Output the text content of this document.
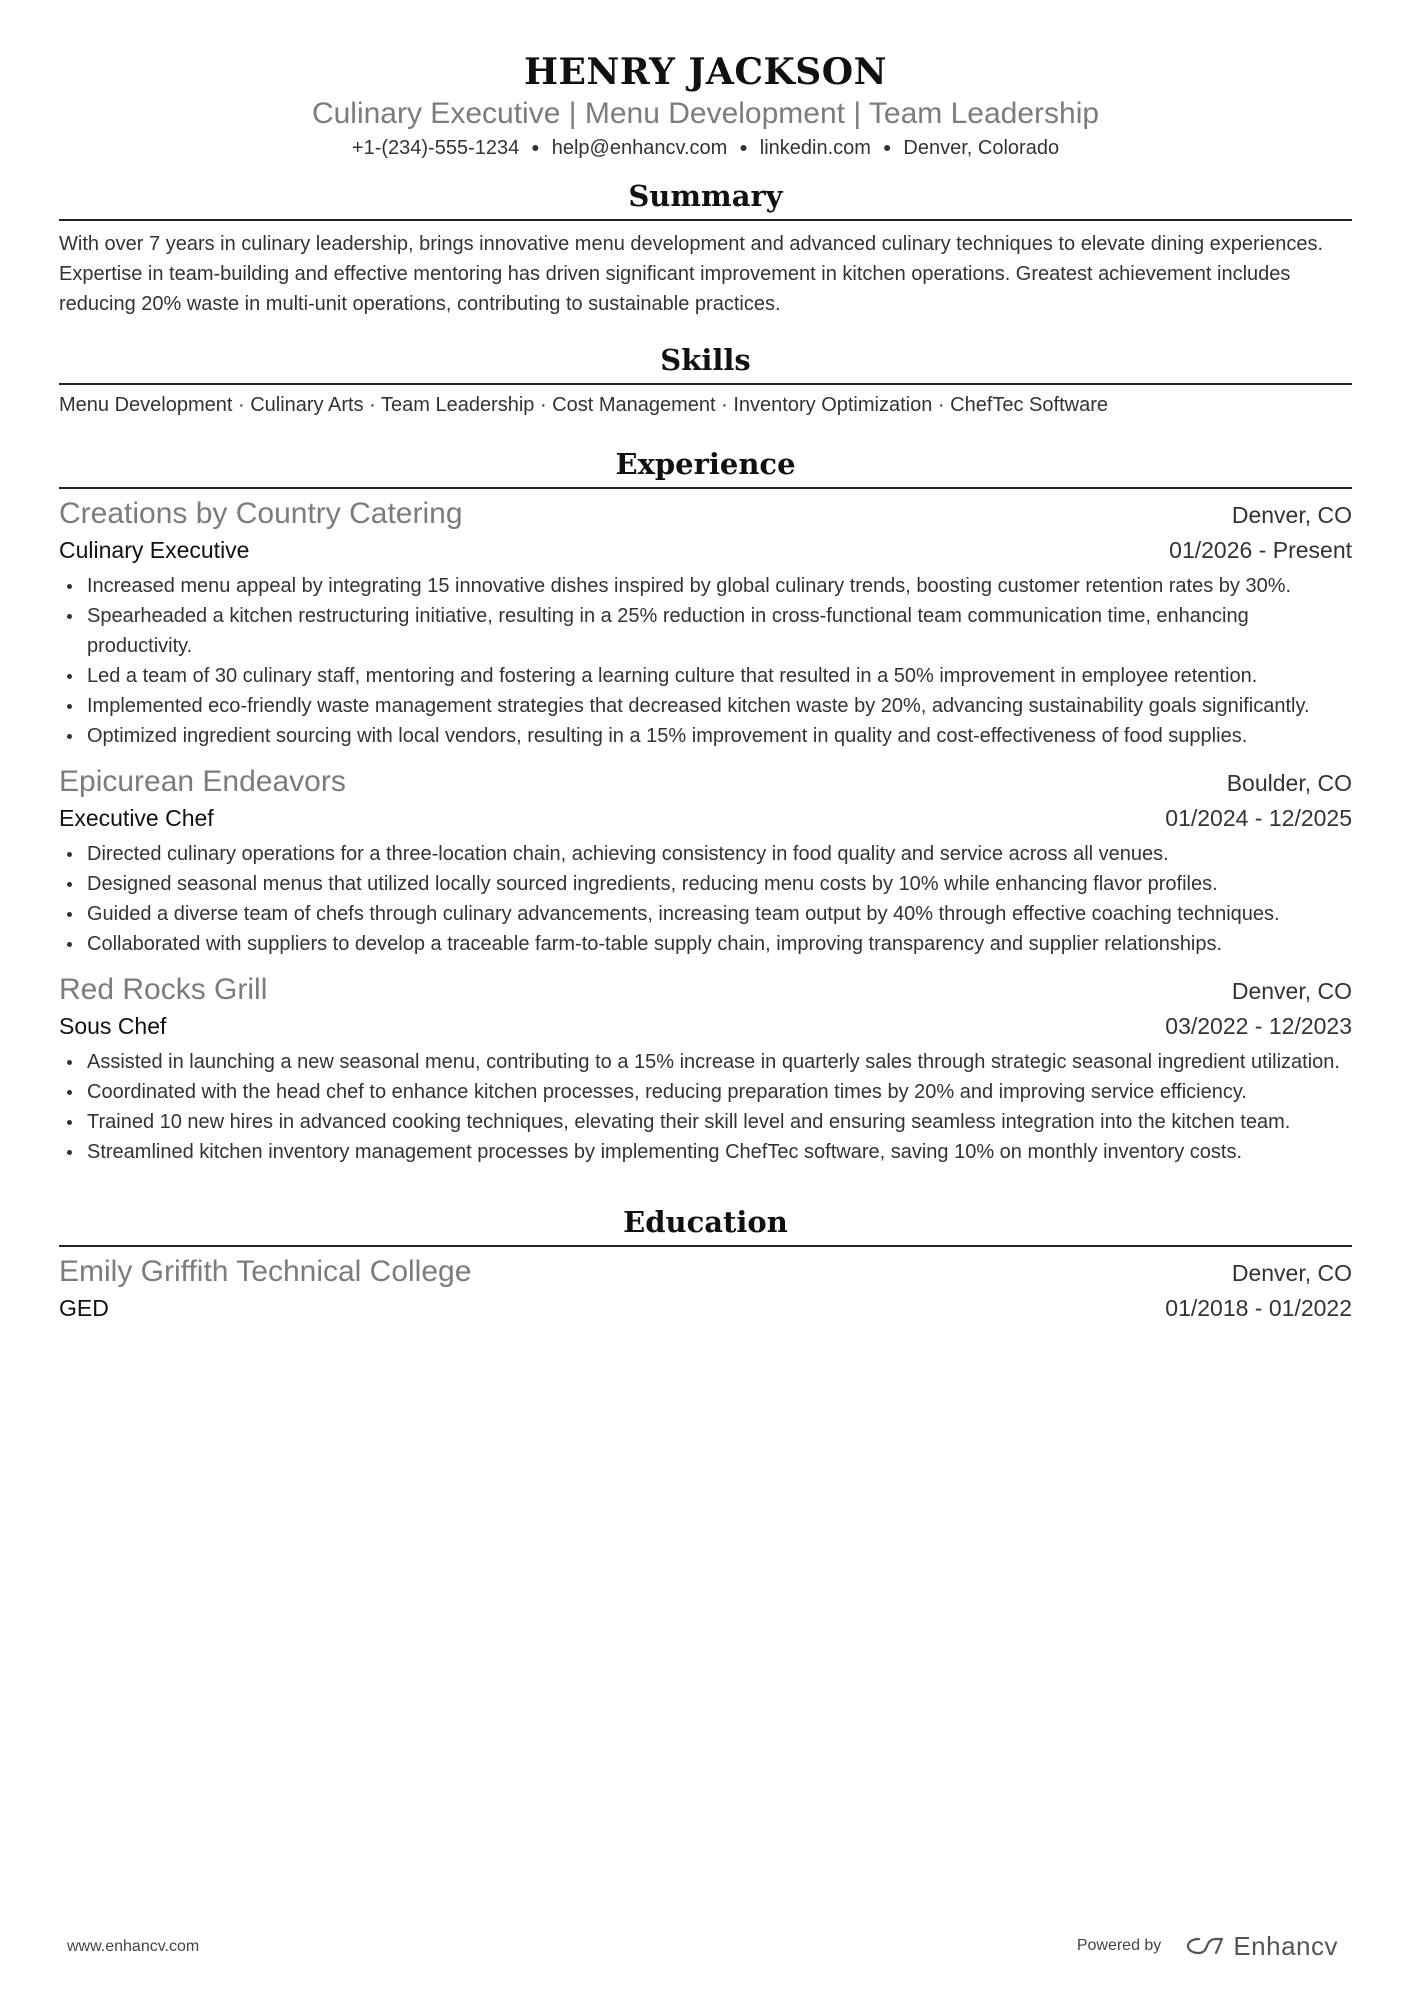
HENRY JACKSON
Culinary Executive | Menu Development | Team Leadership
+1-(234)-555-1234 ● help@enhancv.com ● linkedin.com ● Denver, Colorado
Summary

With over 7 years in culinary leadership, brings innovative menu development and advanced culinary techniques to elevate dining experiences. Expertise in team-building and effective mentoring has driven significant improvement in kitchen operations. Greatest achievement includes reducing 20% waste in multi-unit operations, contributing to sustainable practices.

Skills
Menu Development · Culinary Arts · Team Leadership · Cost Management · Inventory Optimization · ChefTec Software
Experience
Creations by Country Catering	Denver, CO
Culinary Executive	01/2026 - Present
Increased menu appeal by integrating 15 innovative dishes inspired by global culinary trends, boosting customer retention rates by 30%.
Spearheaded a kitchen restructuring initiative, resulting in a 25% reduction in cross-functional team communication time, enhancing productivity.
Led a team of 30 culinary staff, mentoring and fostering a learning culture that resulted in a 50% improvement in employee retention.
Implemented eco-friendly waste management strategies that decreased kitchen waste by 20%, advancing sustainability goals significantly.
Optimized ingredient sourcing with local vendors, resulting in a 15% improvement in quality and cost-effectiveness of food supplies.
Epicurean Endeavors	Boulder, CO
Executive Chef	01/2024 - 12/2025
Directed culinary operations for a three-location chain, achieving consistency in food quality and service across all venues.
Designed seasonal menus that utilized locally sourced ingredients, reducing menu costs by 10% while enhancing flavor profiles.
Guided a diverse team of chefs through culinary advancements, increasing team output by 40% through effective coaching techniques.
Collaborated with suppliers to develop a traceable farm-to-table supply chain, improving transparency and supplier relationships.
Red Rocks Grill	Denver, CO
Sous Chef	03/2022 - 12/2023
Assisted in launching a new seasonal menu, contributing to a 15% increase in quarterly sales through strategic seasonal ingredient utilization.
Coordinated with the head chef to enhance kitchen processes, reducing preparation times by 20% and improving service efficiency.
Trained 10 new hires in advanced cooking techniques, elevating their skill level and ensuring seamless integration into the kitchen team.
Streamlined kitchen inventory management processes by implementing ChefTec software, saving 10% on monthly inventory costs.
Education
Emily Griffith Technical College	Denver, CO
GED	01/2018 - 01/2022
www.enhancv.com	Powered by	Enhancv
